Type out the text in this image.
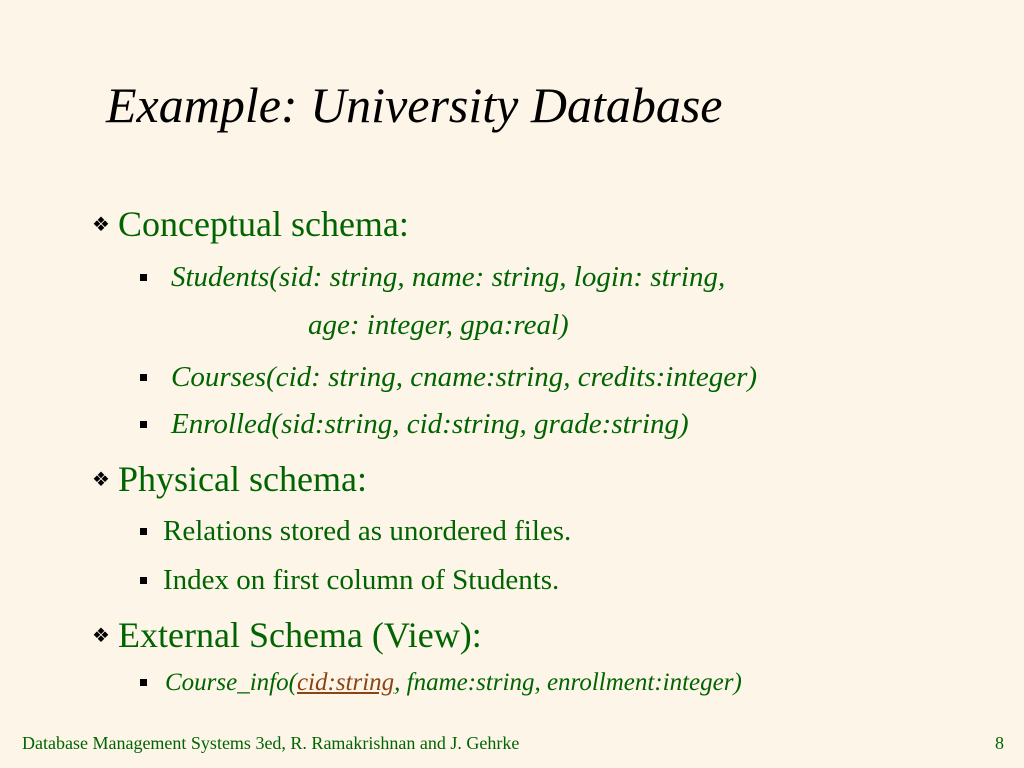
Example: University Database
❖ Conceptual schema:
Students(sid: string, name: string, login: string,
age: integer, gpa:real)
Courses(cid: string, cname:string, credits:integer)
Enrolled(sid:string, cid:string, grade:string)
❖ Physical schema:
Relations stored as unordered files.
Index on first column of Students.
❖ External Schema (View):
Course_info(cid:string, fname:string, enrollment:integer)
Database Management Systems 3ed, R. Ramakrishnan and J. Gehrke	8
